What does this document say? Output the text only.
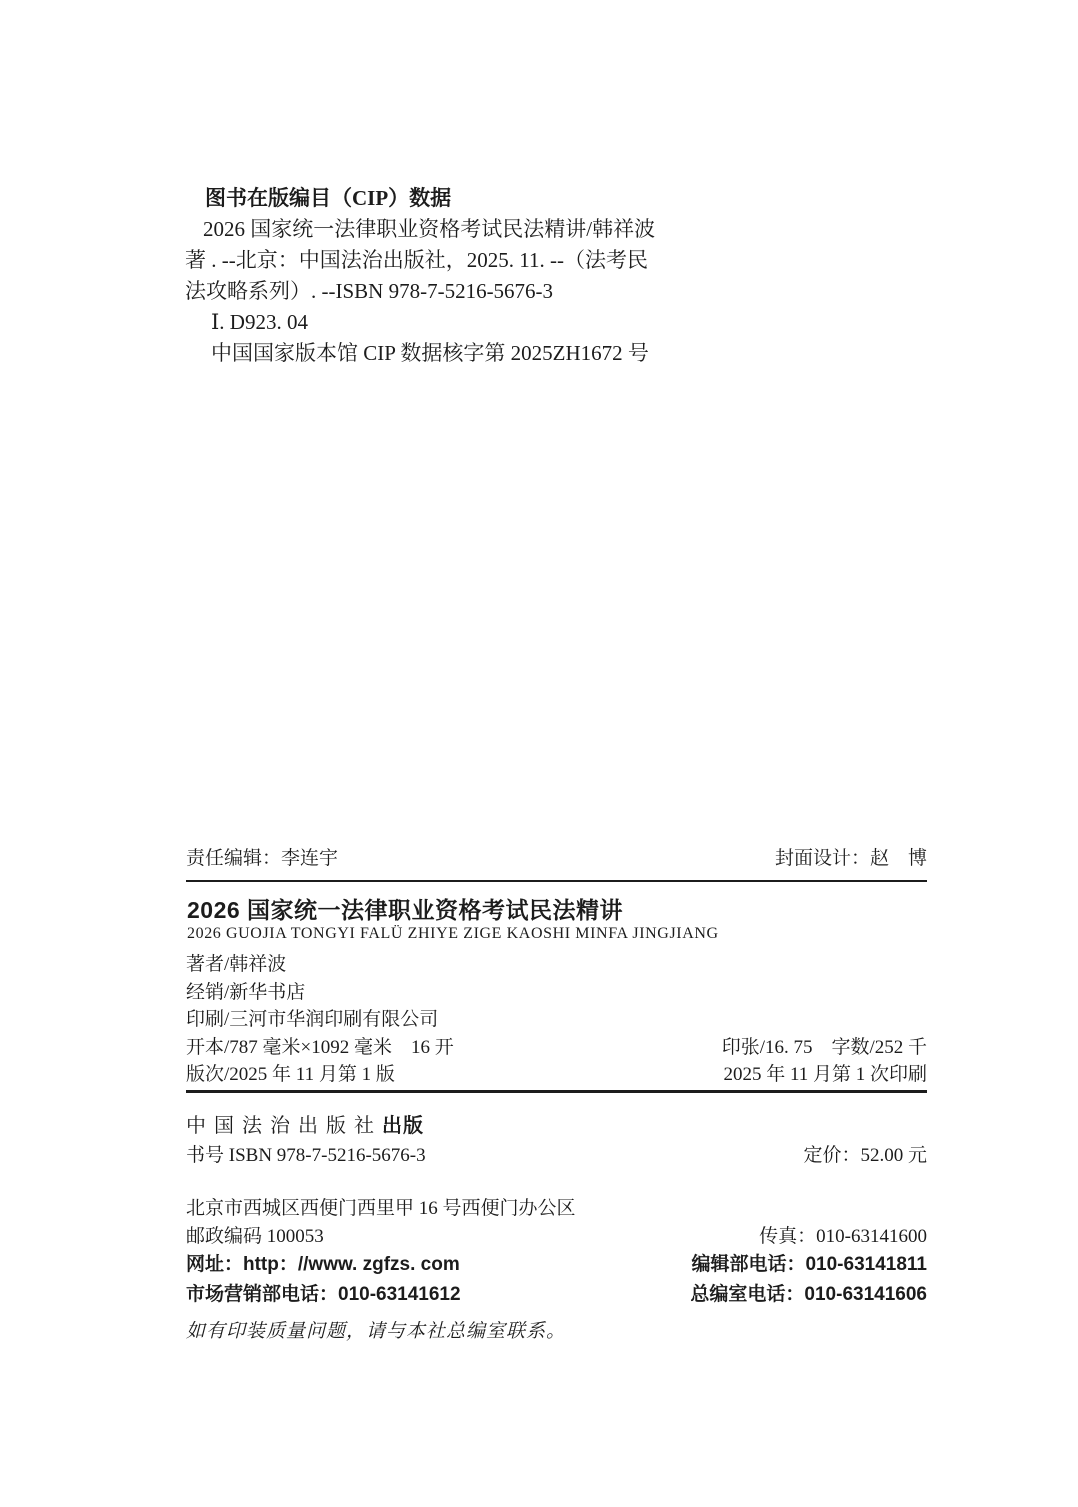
图书在版编目（CIP）数据
2026 国家统一法律职业资格考试民法精讲/韩祥波
著 . --北京：中国法治出版社，2025. 11. --（法考民
法攻略系列）. --ISBN 978-7-5216-5676-3
Ⅰ. D923. 04
中国国家版本馆 CIP 数据核字第 2025ZH1672 号
责任编辑：李连宇	封面设计：赵　博
2026 国家统一法律职业资格考试民法精讲
2026 GUOJIA TONGYI FALÜ ZHIYE ZIGE KAOSHI MINFA JINGJIANG
著者/韩祥波
经销/新华书店
印刷/三河市华润印刷有限公司
开本/787 毫米×1092 毫米　16 开	印张/16. 75　字数/252 千
版次/2025 年 11 月第 1 版	2025 年 11 月第 1 次印刷
中国法治出版社出版
书号 ISBN 978-7-5216-5676-3	定价：52.00 元
北京市西城区西便门西里甲 16 号西便门办公区
邮政编码 100053	传真：010-63141600
网址：http：//www. zgfzs. com	编辑部电话：010-63141811
市场营销部电话：010-63141612	总编室电话：010-63141606
如有印装质量问题，请与本社总编室联系。
